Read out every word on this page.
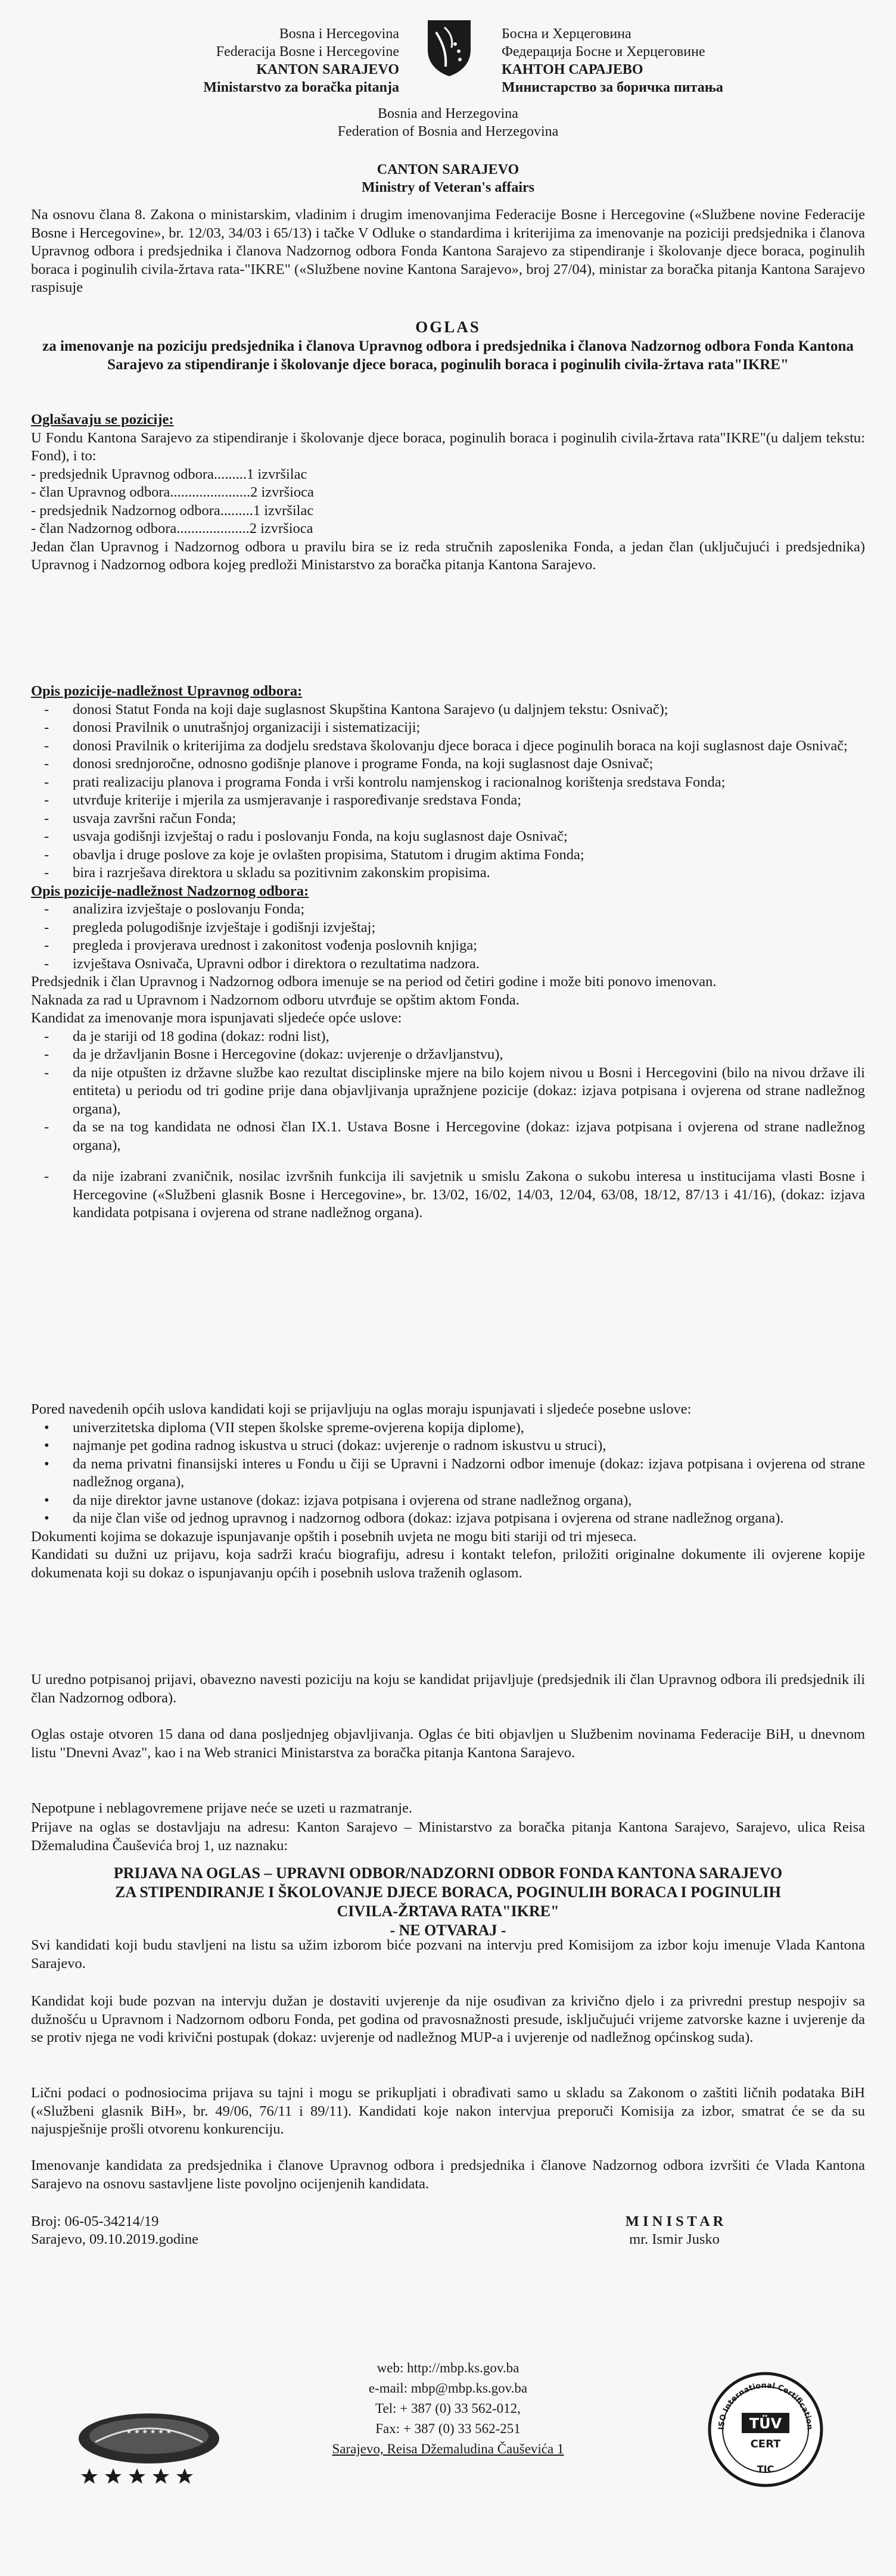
Bosna i Hercegovina
Federacija Bosne i Hercegovine
KANTON SARAJEVO
Ministarstvo za boračka pitanja
Босна и Херцеговина
Федерација Босне и Херцеговине
КАНТОН САРАЈЕВО
Министарство за боричка питања
Bosnia and Herzegovina
Federation of Bosnia and Herzegovina
CANTON SARAJEVO
Ministry of Veteran's affairs
Na osnovu člana 8. Zakona o ministarskim, vladinim i drugim imenovanjima Federacije Bosne i Hercegovine («Službene novine Federacije Bosne i Hercegovine», br. 12/03, 34/03 i 65/13) i tačke V Odluke o standardima i kriterijima za imenovanje na poziciji predsjednika i članova Upravnog odbora i predsjednika i članova Nadzornog odbora Fonda Kantona Sarajevo za stipendiranje i školovanje djece boraca, poginulih boraca i poginulih civila-žrtava rata-"IKRE" («Službene novine Kantona Sarajevo», broj 27/04), ministar za boračka pitanja Kantona Sarajevo raspisuje
OGLAS
za imenovanje na poziciju predsjednika i članova Upravnog odbora i predsjednika i članova Nadzornog odbora Fonda Kantona Sarajevo za stipendiranje i školovanje djece boraca, poginulih boraca i poginulih civila-žrtava rata"IKRE"
Oglašavaju se pozicije:
U Fondu Kantona Sarajevo za stipendiranje i školovanje djece boraca, poginulih boraca i poginulih civila-žrtava rata"IKRE"(u daljem tekstu: Fond), i to:
- predsjednik Upravnog odbora.........1 izvršilac
- član Upravnog odbora......................2 izvršioca
- predsjednik Nadzornog odbora.........1 izvršilac
- član Nadzornog odbora....................2 izvršioca
Jedan član Upravnog i Nadzornog odbora u pravilu bira se iz reda stručnih zaposlenika Fonda, a jedan član (uključujući i predsjednika) Upravnog i Nadzornog odbora kojeg predloži Ministarstvo za boračka pitanja Kantona Sarajevo.
Opis pozicije-nadležnost Upravnog odbora:
- donosi Statut Fonda na koji daje suglasnost Skupština Kantona Sarajevo (u daljnjem tekstu: Osnivač);
- donosi Pravilnik o unutrašnjoj organizaciji i sistematizaciji;
- donosi Pravilnik o kriterijima za dodjelu sredstava školovanju djece boraca i djece poginulih boraca na koji suglasnost daje Osnivač;
- donosi srednjoročne, odnosno godišnje planove i programe Fonda, na koji suglasnost daje Osnivač;
- prati realizaciju planova i programa Fonda i vrši kontrolu namjenskog i racionalnog korištenja sredstava Fonda;
- utvrđuje kriterije i mjerila za usmjeravanje i raspoređivanje sredstava Fonda;
- usvaja završni račun Fonda;
- usvaja godišnji izvještaj o radu i poslovanju Fonda, na koju suglasnost daje Osnivač;
- obavlja i druge poslove za koje je ovlašten propisima, Statutom i drugim aktima Fonda;
- bira i razrješava direktora u skladu sa pozitivnim zakonskim propisima.
Opis pozicije-nadležnost Nadzornog odbora:
- analizira izvještaje o poslovanju Fonda;
- pregleda polugodišnje izvještaje i godišnji izvještaj;
- pregleda i provjerava urednost i zakonitost vođenja poslovnih knjiga;
- izvještava Osnivača, Upravni odbor i direktora o rezultatima nadzora.
Predsjednik i član Upravnog i Nadzornog odbora imenuje se na period od četiri godine i može biti ponovo imenovan.
Naknada za rad u Upravnom i Nadzornom odboru utvrđuje se opštim aktom Fonda.
Kandidat za imenovanje mora ispunjavati sljedeće opće uslove:
- da je stariji od 18 godina (dokaz: rodni list),
- da je državljanin Bosne i Hercegovine (dokaz: uvjerenje o državljanstvu),
- da nije otpušten iz državne službe kao rezultat disciplinske mjere na bilo kojem nivou u Bosni i Hercegovini (bilo na nivou države ili entiteta) u periodu od tri godine prije dana objavljivanja upražnjene pozicije (dokaz: izjava potpisana i ovjerena od strane nadležnog organa),
- da se na tog kandidata ne odnosi član IX.1. Ustava Bosne i Hercegovine (dokaz: izjava potpisana i ovjerena od strane nadležnog organa),
- da nije izabrani zvaničnik, nosilac izvršnih funkcija ili savjetnik u smislu Zakona o sukobu interesa u institucijama vlasti Bosne i Hercegovine («Službeni glasnik Bosne i Hercegovine», br. 13/02, 16/02, 14/03, 12/04, 63/08, 18/12, 87/13 i 41/16), (dokaz: izjava kandidata potpisana i ovjerena od strane nadležnog organa).
Pored navedenih općih uslova kandidati koji se prijavljuju na oglas moraju ispunjavati i sljedeće posebne uslove:
• univerzitetska diploma (VII stepen školske spreme-ovjerena kopija diplome),
• najmanje pet godina radnog iskustva u struci (dokaz: uvjerenje o radnom iskustvu u struci),
• da nema privatni finansijski interes u Fondu u čiji se Upravni i Nadzorni odbor imenuje (dokaz: izjava potpisana i ovjerena od strane nadležnog organa),
• da nije direktor javne ustanove (dokaz: izjava potpisana i ovjerena od strane nadležnog organa),
• da nije član više od jednog upravnog i nadzornog odbora (dokaz: izjava potpisana i ovjerena od strane nadležnog organa).
Dokumenti kojima se dokazuje ispunjavanje opštih i posebnih uvjeta ne mogu biti stariji od tri mjeseca.
Kandidati su dužni uz prijavu, koja sadrži kraću biografiju, adresu i kontakt telefon, priložiti originalne dokumente ili ovjerene kopije dokumenata koji su dokaz o ispunjavanju općih i posebnih uslova traženih oglasom.
U uredno potpisanoj prijavi, obavezno navesti poziciju na koju se kandidat prijavljuje (predsjednik ili član Upravnog odbora ili predsjednik ili član Nadzornog odbora).
Oglas ostaje otvoren 15 dana od dana posljednjeg objavljivanja. Oglas će biti objavljen u Službenim novinama Federacije BiH, u dnevnom listu "Dnevni Avaz", kao i na Web stranici Ministarstva za boračka pitanja Kantona Sarajevo.
Nepotpune i neblagovremene prijave neće se uzeti u razmatranje.
Prijave na oglas se dostavljaju na adresu: Kanton Sarajevo – Ministarstvo za boračka pitanja Kantona Sarajevo, Sarajevo, ulica Reisa Džemaludina Čauševića broj 1, uz naznaku:
PRIJAVA NA OGLAS – UPRAVNI ODBOR/NADZORNI ODBOR FONDA KANTONA SARAJEVO
ZA STIPENDIRANJE I ŠKOLOVANJE DJECE BORACA, POGINULIH BORACA I POGINULIH
CIVILA-ŽRTAVA RATA"IKRE"
- NE OTVARAJ -
Svi kandidati koji budu stavljeni na listu sa užim izborom biće pozvani na intervju pred Komisijom za izbor koju imenuje Vlada Kantona Sarajevo.
Kandidat koji bude pozvan na intervju dužan je dostaviti uvjerenje da nije osuđivan za krivično djelo i za privredni prestup nespojiv sa dužnošću u Upravnom i Nadzornom odboru Fonda, pet godina od pravosnažnosti presude, isključujući vrijeme zatvorske kazne i uvjerenje da se protiv njega ne vodi krivični postupak (dokaz: uvjerenje od nadležnog MUP-a i uvjerenje od nadležnog općinskog suda).
Lični podaci o podnosiocima prijava su tajni i mogu se prikupljati i obrađivati samo u skladu sa Zakonom o zaštiti ličnih podataka BiH («Službeni glasnik BiH», br. 49/06, 76/11 i 89/11). Kandidati koje nakon intervjua preporuči Komisija za izbor, smatrat će se da su najuspješnije prošli otvorenu konkurenciju.
Imenovanje kandidata za predsjednika i članove Upravnog odbora i predsjednika i članove Nadzornog odbora izvršiti će Vlada Kantona Sarajevo na osnovu sastavljene liste povoljno ocijenjenih kandidata.
Broj: 06-05-34214/19
Sarajevo, 09.10.2019.godine
M I N I S T A R
mr. Ismir Jusko
★ ★ ★ ★ ★ ★
web: http://mbp.ks.gov.ba
e-mail: mbp@mbp.ks.gov.ba
Tel: + 387 (0) 33 562-012,
Fax: + 387 (0) 33 562-251
Sarajevo, Reisa Džemaludina Čauševića 1
ISO International Certification
TÜV
CERT
TIC
